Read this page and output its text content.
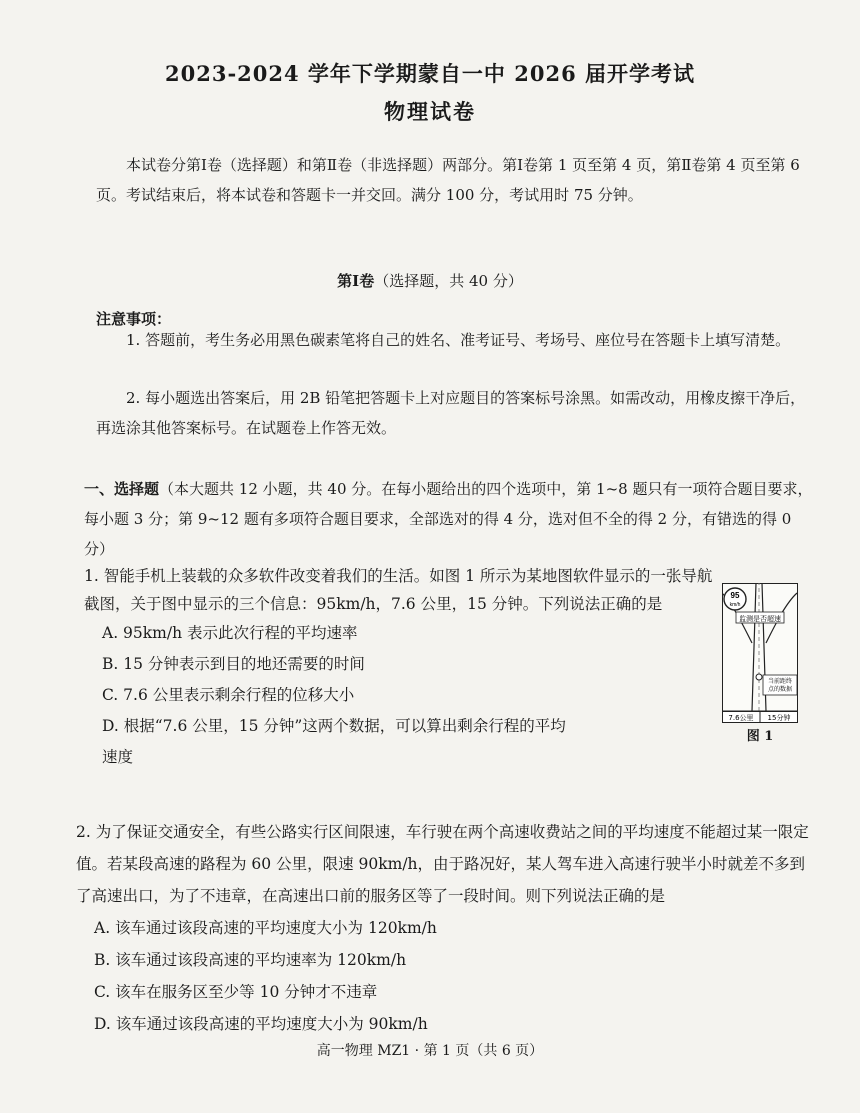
2023-2024 学年下学期蒙自一中 2026 届开学考试
物理试卷
本试卷分第Ⅰ卷（选择题）和第Ⅱ卷（非选择题）两部分。第Ⅰ卷第 1 页至第 4 页，第Ⅱ卷第 4 页至第 6 页。考试结束后，将本试卷和答题卡一并交回。满分 100 分，考试用时 75 分钟。
第Ⅰ卷（选择题，共 40 分）
注意事项：
1. 答题前，考生务必用黑色碳素笔将自己的姓名、准考证号、考场号、座位号在答题卡上填写清楚。
2. 每小题选出答案后，用 2B 铅笔把答题卡上对应题目的答案标号涂黑。如需改动，用橡皮擦干净后，再选涂其他答案标号。在试题卷上作答无效。
一、选择题（本大题共 12 小题，共 40 分。在每小题给出的四个选项中，第 1~8 题只有一项符合题目要求，每小题 3 分；第 9~12 题有多项符合题目要求，全部选对的得 4 分，选对但不全的得 2 分，有错选的得 0 分）
1. 智能手机上装载的众多软件改变着我们的生活。如图 1 所示为某地图软件显示的一张导航截图，关于图中显示的三个信息：95km/h，7.6 公里，15 分钟。下列说法正确的是
A. 95km/h 表示此次行程的平均速率
B. 15 分钟表示到目的地还需要的时间
C. 7.6 公里表示剩余行程的位移大小
D. 根据“7.6 公里，15 分钟”这两个数据，可以算出剩余行程的平均
速度
95
km/h
监测是否超速
当前距终
点的数据
7.6公里 15分钟
图 1
2. 为了保证交通安全，有些公路实行区间限速，车行驶在两个高速收费站之间的平均速度不能超过某一限定值。若某段高速的路程为 60 公里，限速 90km/h，由于路况好，某人驾车进入高速行驶半小时就差不多到了高速出口，为了不违章，在高速出口前的服务区等了一段时间。则下列说法正确的是
A. 该车通过该段高速的平均速度大小为 120km/h
B. 该车通过该段高速的平均速率为 120km/h
C. 该车在服务区至少等 10 分钟才不违章
D. 该车通过该段高速的平均速度大小为 90km/h
高一物理 MZ1 · 第 1 页（共 6 页）
